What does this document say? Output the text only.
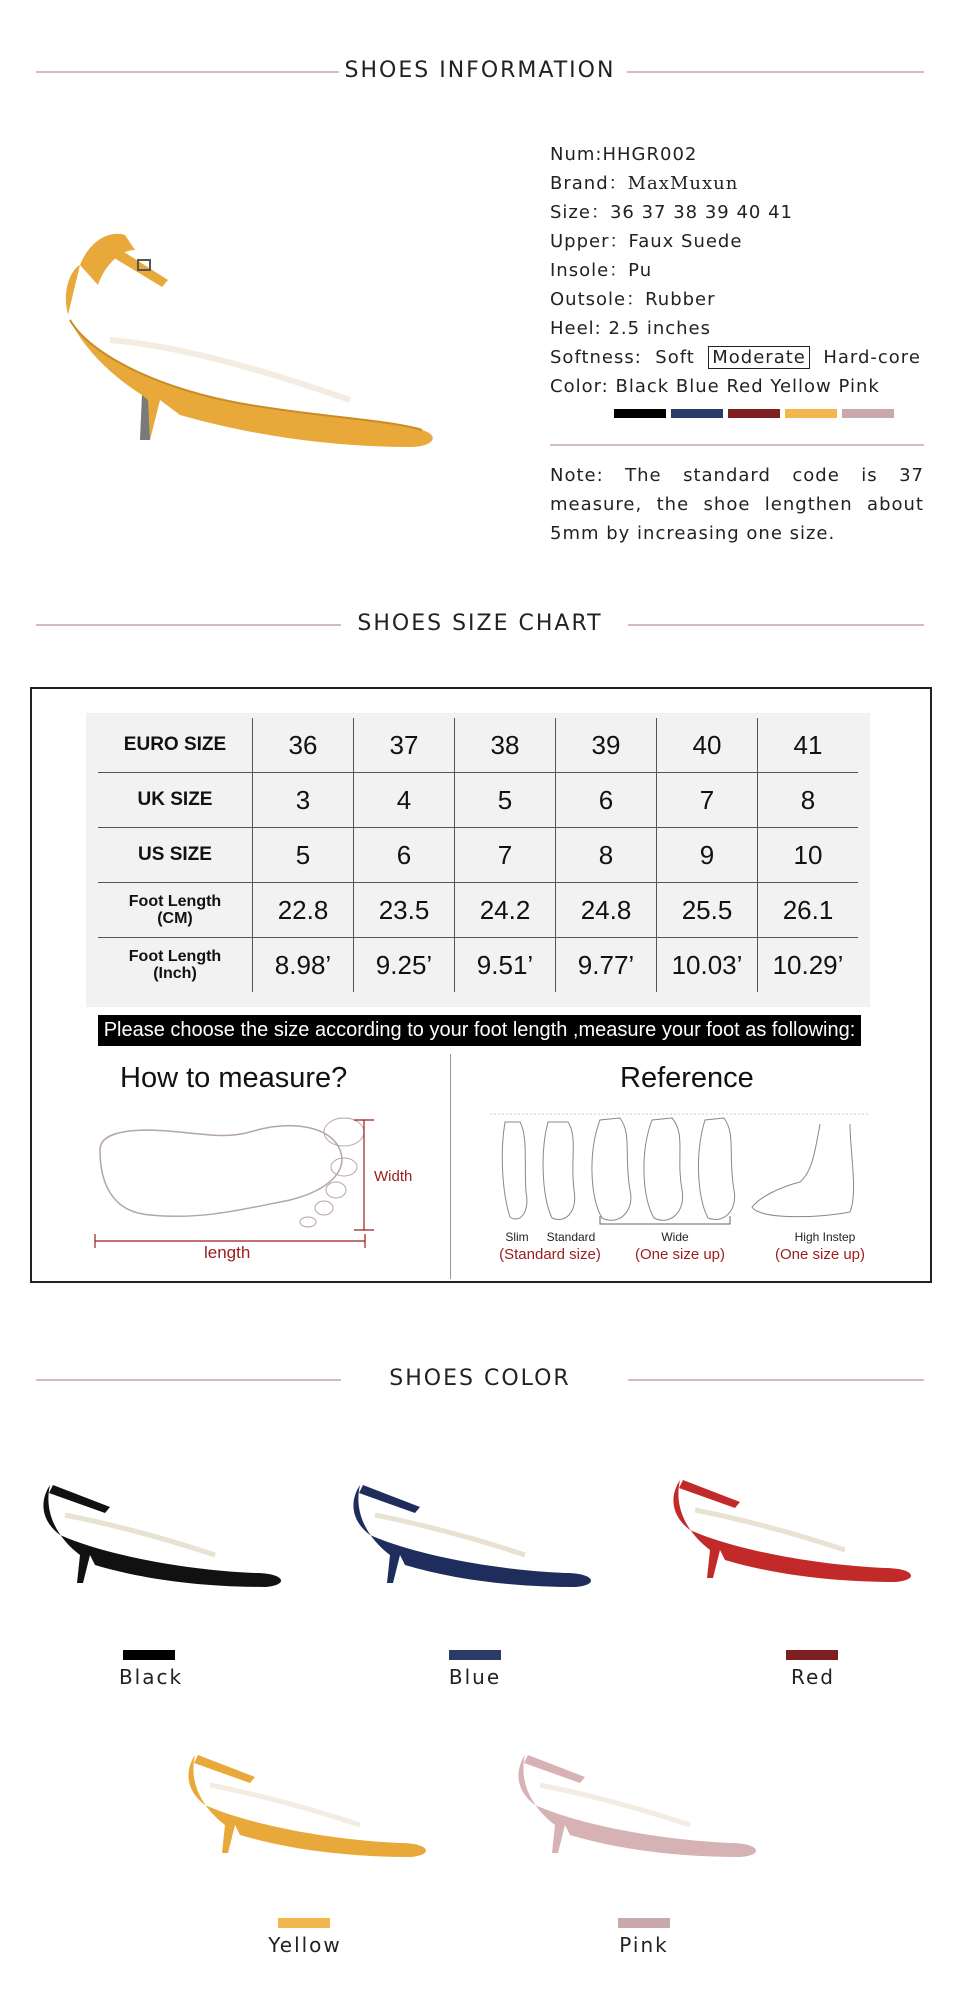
SHOES INFORMATION
Num:HHGR002
Brand：MaxMuxun
Size：36 37 38 39 40 41
Upper：Faux Suede
Insole：Pu
Outsole：Rubber
Heel: 2.5 inches
Softness: Soft Moderate Hard-core
Color: Black Blue Red Yellow Pink
Note: The standard code is 37 measure, the shoe lengthen about 5mm by increasing one size.
SHOES SIZE CHART
EURO SIZE	36	37	38	39	40	41
UK SIZE	3	4	5	6	7	8
US SIZE	5	6	7	8	9	10
Foot Length
(CM)	22.8	23.5	24.2	24.8	25.5	26.1
Foot Length
(Inch)	8.98’	9.25’	9.51’	9.77’	10.03’	10.29’
Please choose the size according to your foot length ,measure your foot as following:
How to measure?
Width
length
Reference
Slim	Standard	Wide	High Instep
(Standard size)	(One size up)	(One size up)
SHOES COLOR
Black	Blue	Red
Yellow	Pink
